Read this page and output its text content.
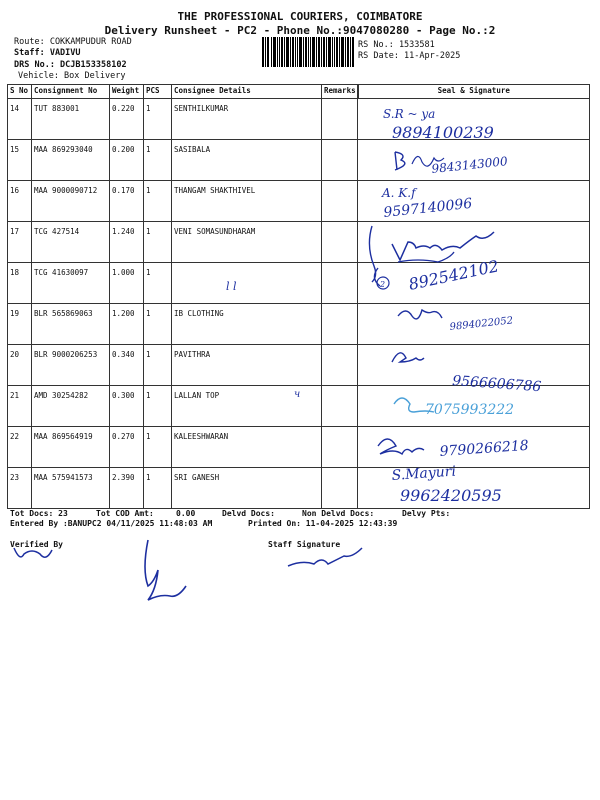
THE PROFESSIONAL COURIERS, COIMBATORE
Delivery Runsheet - PC2 - Phone No.:9047080280 - Page No.:2
Route: COKKAMPUDUR ROAD
Staff: VADIVU
DRS No.: DCJB153358102
Vehicle: Box Delivery
RS No.: 1533581
RS Date: 11-Apr-2025
S No	Consignment No	Weight	PCS	Consignee Details	Remarks	Seal & Signature
14	TUT 883001	0.220	1	SENTHILKUMAR		
15	MAA 869293040	0.200	1	SASIBALA		
16	MAA 9000090712	0.170	1	THANGAM SHAKTHIVEL		
17	TCG 427514	1.240	1	VENI SOMASUNDHARAM		
18	TCG 41630097	1.000	1			
19	BLR 565869063	1.200	1	IB CLOTHING		
20	BLR 9000206253	0.340	1	PAVITHRA		
21	AMD 30254282	0.300	1	LALLAN TOP		
22	MAA 869564919	0.270	1	KALEESHWARAN		
23	MAA 575941573	2.390	1	SRI GANESH		
Tot Docs: 23	Tot COD Amt:	0.00	Delvd Docs:	Non Delvd Docs:	Delvy Pts:
Entered By :BANUPC2 04/11/2025 11:48:03 AM	Printed On: 11-04-2025 12:43:39
Verified By	Staff Signature
S.R ~ ya
9894100239
9843143000
A. K.f
9597140096
2 892542102
l l
9894022052
9566606786
7075993222
ч
9790266218
S.Mayuri
9962420595
